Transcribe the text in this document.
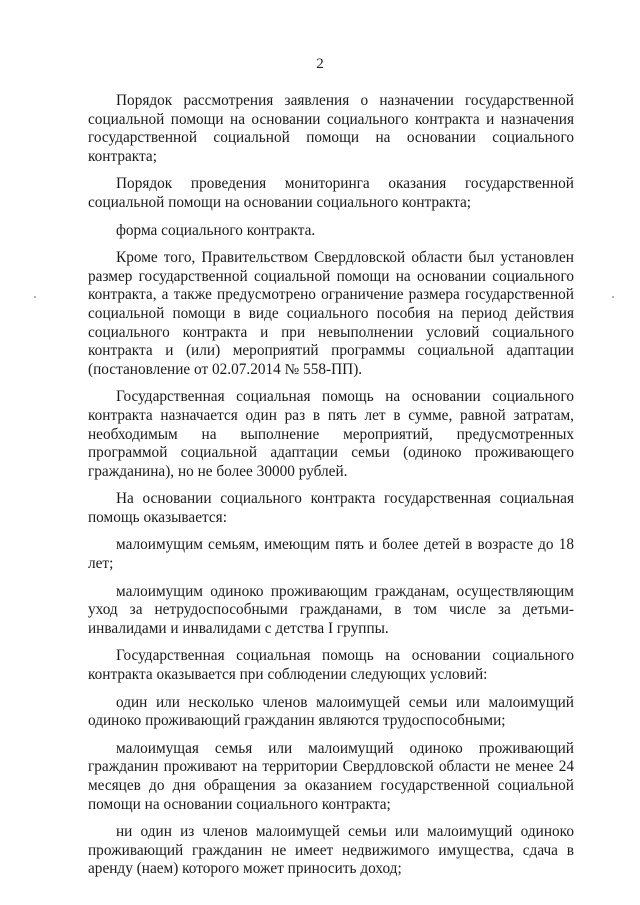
2

Порядок рассмотрения заявления о назначении государственной социальной помощи на основании социального контракта и назначения государственной социальной помощи на основании социального контракта;

Порядок проведения мониторинга оказания государственной социальной помощи на основании социального контракта;

форма социального контракта.

Кроме того, Правительством Свердловской области был установлен размер государственной социальной помощи на основании социального контракта, а также предусмотрено ограничение размера государственной социальной помощи в виде социального пособия на период действия социального контракта и при невыполнении условий социального контракта и (или) мероприятий программы социальной адаптации (постановление от 02.07.2014 № 558-ПП).

Государственная социальная помощь на основании социального контракта назначается один раз в пять лет в сумме, равной затратам, необходимым на выполнение мероприятий, предусмотренных программой социальной адаптации семьи (одиноко проживающего гражданина), но не более 30000 рублей.

На основании социального контракта государственная социальная помощь оказывается:

малоимущим семьям, имеющим пять и более детей в возрасте до 18 лет;

малоимущим одиноко проживающим гражданам, осуществляющим уход за нетрудоспособными гражданами, в том числе за детьми-инвалидами и инвалидами с детства I группы.

Государственная социальная помощь на основании социального контракта оказывается при соблюдении следующих условий:

один или несколько членов малоимущей семьи или малоимущий одиноко проживающий гражданин являются трудоспособными;

малоимущая семья или малоимущий одиноко проживающий гражданин проживают на территории Свердловской области не менее 24 месяцев до дня обращения за оказанием государственной социальной помощи на основании социального контракта;

ни один из членов малоимущей семьи или малоимущий одиноко проживающий гражданин не имеет недвижимого имущества, сдача в аренду (наем) которого может приносить доход;
